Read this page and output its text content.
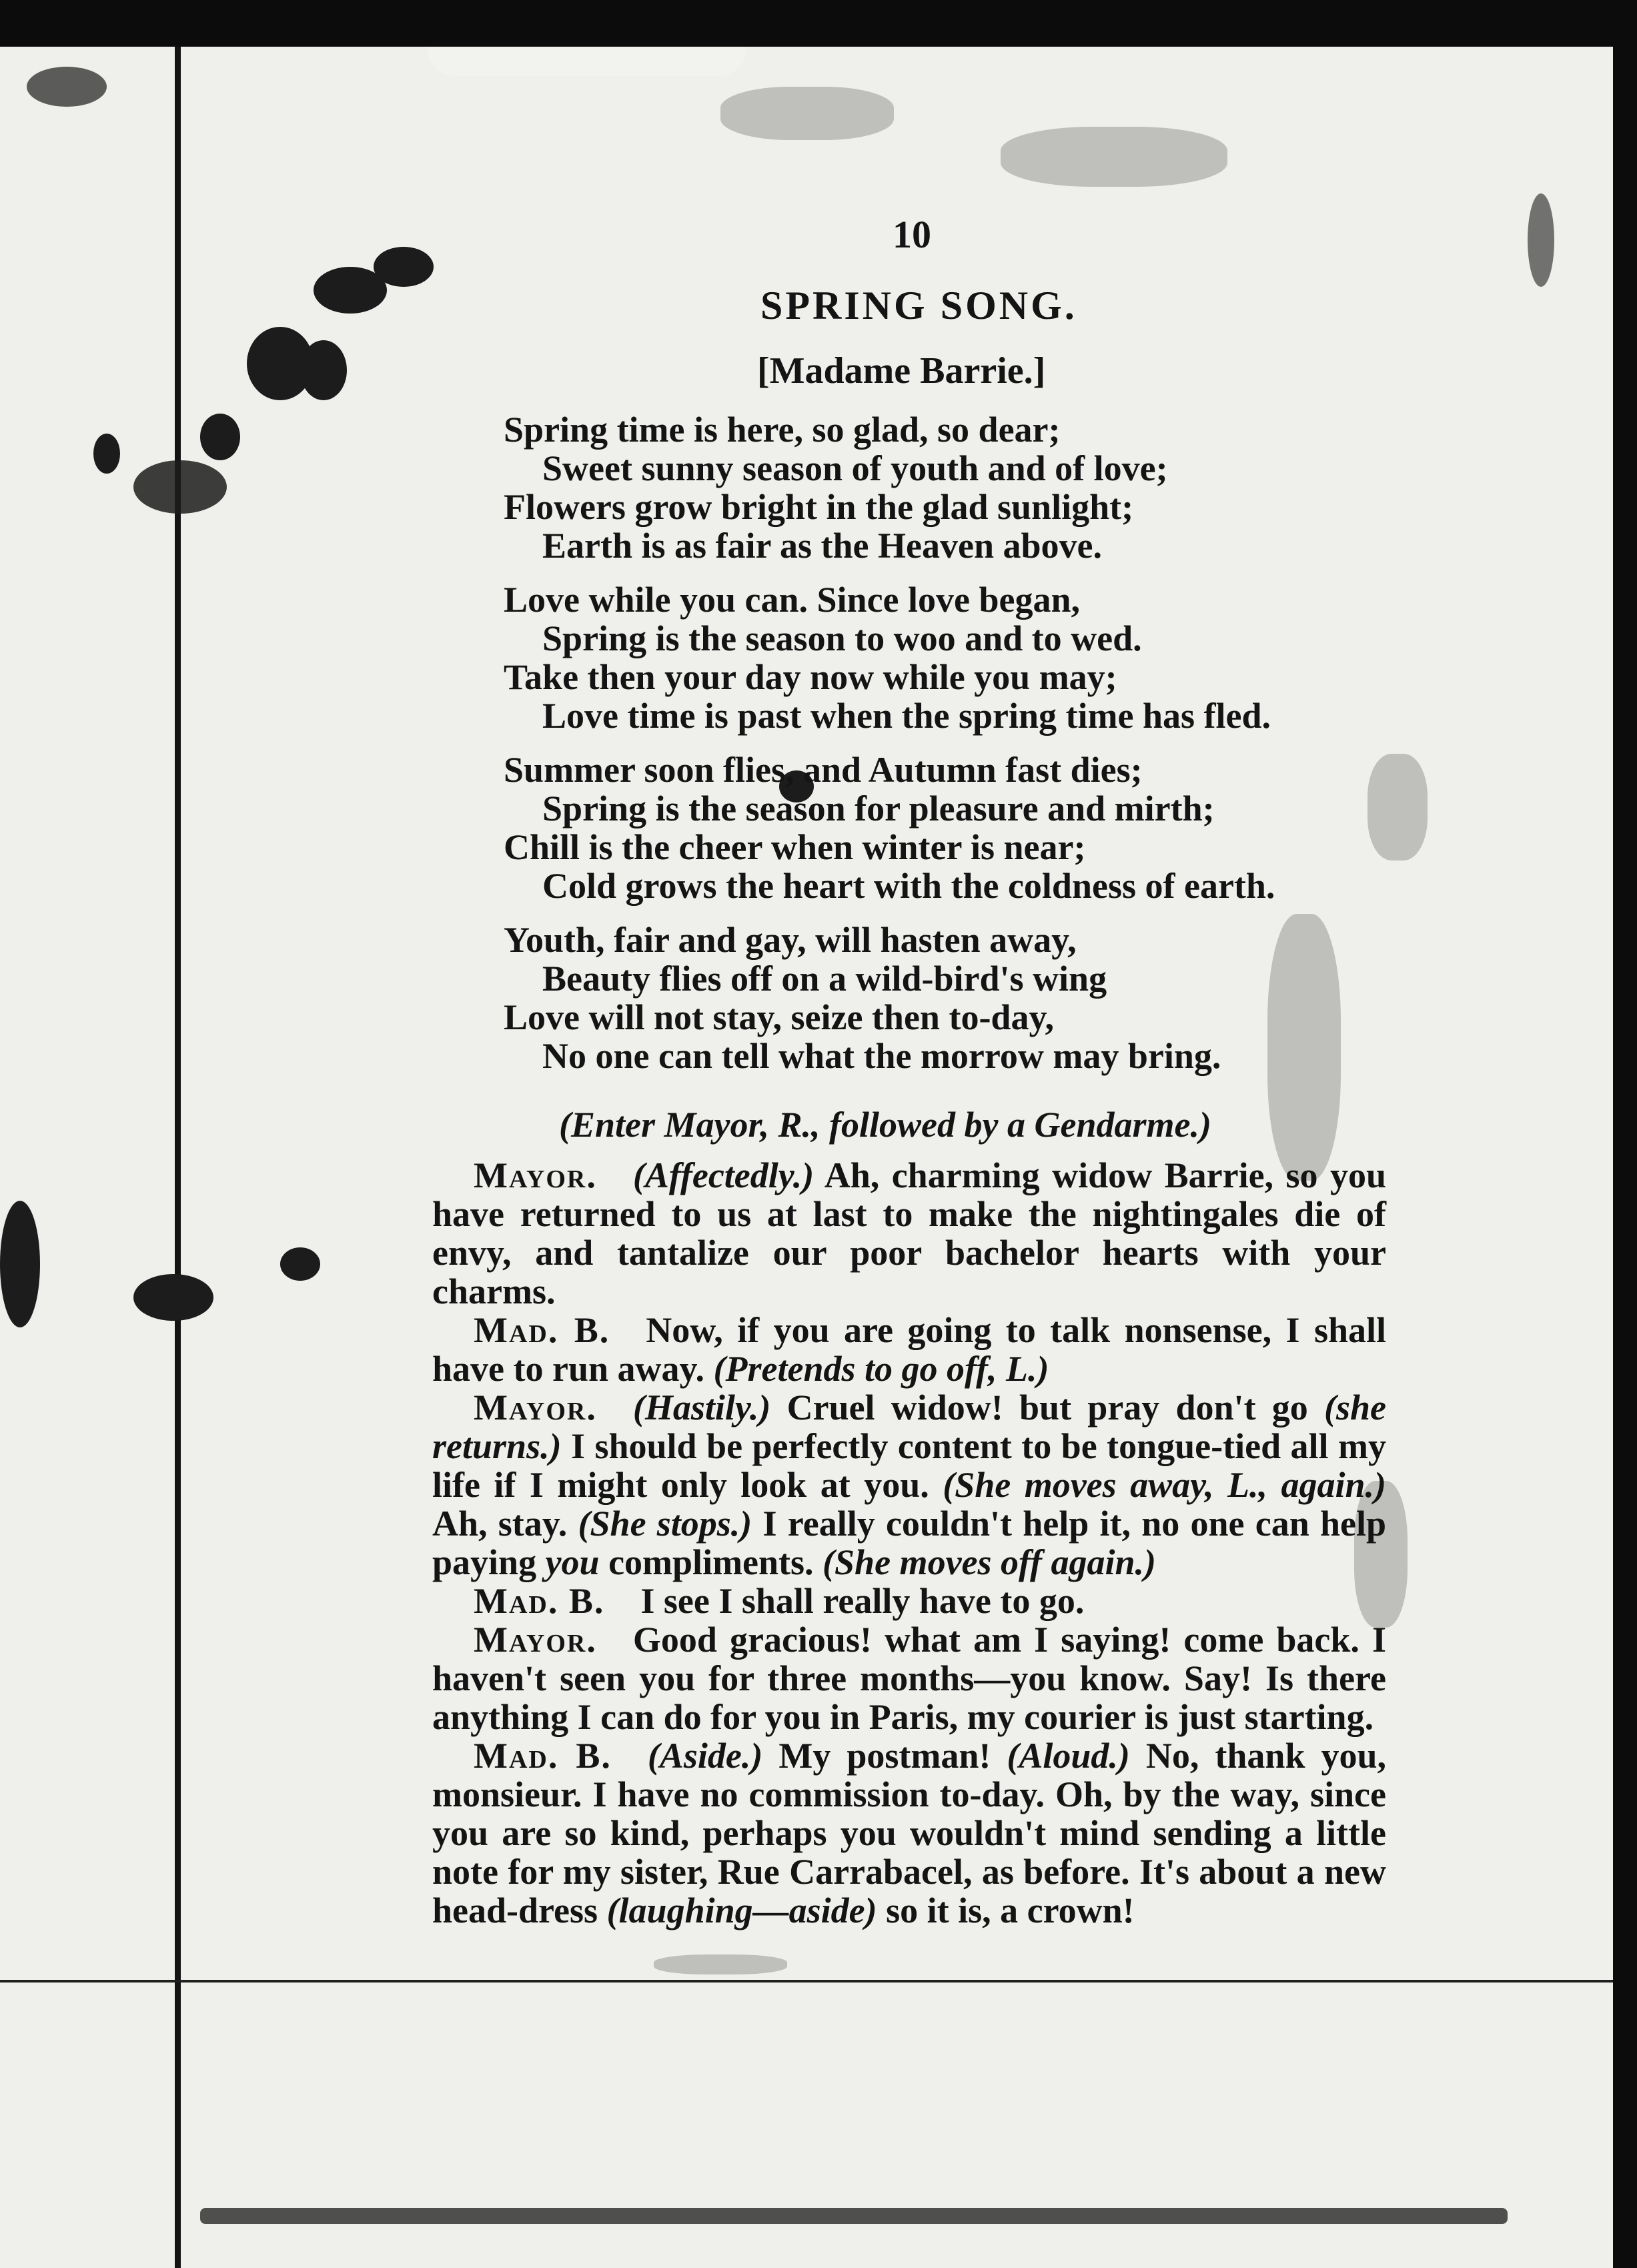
10
SPRING SONG.
[Madame Barrie.]
Spring time is here, so glad, so dear;
Sweet sunny season of youth and of love;
Flowers grow bright in the glad sunlight;
Earth is as fair as the Heaven above.
Love while you can. Since love began,
Spring is the season to woo and to wed.
Take then your day now while you may;
Love time is past when the spring time has fled.
Summer soon flies, and Autumn fast dies;
Spring is the season for pleasure and mirth;
Chill is the cheer when winter is near;
Cold grows the heart with the coldness of earth.
Youth, fair and gay, will hasten away,
Beauty flies off on a wild-bird's wing
Love will not stay, seize then to-day,
No one can tell what the morrow may bring.
(Enter Mayor, R., followed by a Gendarme.)

Mayor.  (Affectedly.) Ah, charming widow Barrie, so you have returned to us at last to make the nightingales die of envy, and tantalize our poor bachelor hearts with your charms.

Mad. B.  Now, if you are going to talk nonsense, I shall have to run away. (Pretends to go off, L.)

Mayor.  (Hastily.) Cruel widow! but pray don't go (she returns.) I should be perfectly content to be tongue-tied all my life if I might only look at you. (She moves away, L., again.) Ah, stay. (She stops.) I really couldn't help it, no one can help paying you compliments. (She moves off again.)

Mad. B.  I see I shall really have to go.

Mayor.  Good gracious! what am I saying! come back. I haven't seen you for three months—you know. Say! Is there anything I can do for you in Paris, my courier is just starting.

Mad. B.  (Aside.) My postman! (Aloud.) No, thank you, monsieur. I have no commission to-day. Oh, by the way, since you are so kind, perhaps you wouldn't mind sending a little note for my sister, Rue Carrabacel, as before. It's about a new head-dress (laughing—aside) so it is, a crown!
